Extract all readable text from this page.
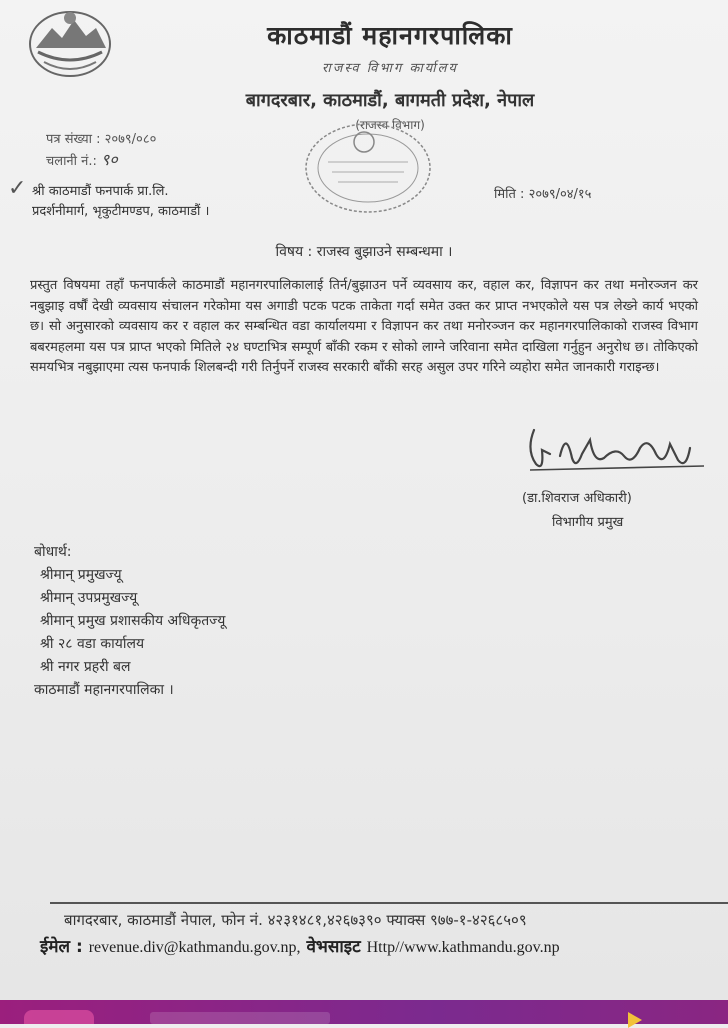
काठमाडौं महानगरपालिका
राजस्व विभाग कार्यालय
बागदरबार, काठमाडौं, बागमती प्रदेश, नेपाल
(राजस्व विभाग)
पत्र संख्या : २०७९/०८०
चलानी नं.: ९०
✓ श्री काठमाडौं फनपार्क प्रा.लि.
प्रदर्शनीमार्ग, भृकुटीमण्डप, काठमाडौं ।
मिति : २०७९/०४/१५
विषय : राजस्व बुझाउने सम्बन्धमा ।
प्रस्तुत विषयमा तहाँ फनपार्कले काठमाडौं महानगरपालिकालाई तिर्न/बुझाउन पर्ने व्यवसाय कर, वहाल कर, विज्ञापन कर तथा मनोरञ्जन कर नबुझाइ वर्षौं देखी व्यवसाय संचालन गरेकोमा यस अगाडी पटक पटक ताकेता गर्दा समेत उक्त कर प्राप्त नभएकोले यस पत्र लेख्ने कार्य भएको छ। सो अनुसारको व्यवसाय कर र वहाल कर सम्बन्धित वडा कार्यालयमा र विज्ञापन कर तथा मनोरञ्जन कर महानगरपालिकाको राजस्व विभाग बबरमहलमा यस पत्र प्राप्त भएको मितिले २४ घण्टाभित्र सम्पूर्ण बाँकी रकम र सोको लाग्ने जरिवाना समेत दाखिला गर्नुहुन अनुरोध छ। तोकिएको समयभित्र नबुझाएमा त्यस फनपार्क शिलबन्दी गरी तिर्नुपर्ने राजस्व सरकारी बाँकी सरह असुल उपर गरिने व्यहोरा समेत जानकारी गराइन्छ।
(डा.शिवराज अधिकारी)
विभागीय प्रमुख
बोधार्थ:
श्रीमान् प्रमुखज्यू
श्रीमान् उपप्रमुखज्यू
श्रीमान् प्रमुख प्रशासकीय अधिकृतज्यू
श्री २८ वडा कार्यालय
श्री नगर प्रहरी बल
काठमाडौं महानगरपालिका ।
बागदरबार, काठमाडौं नेपाल, फोन नं. ४२३१४८१,४२६७३९० फ्याक्स ९७७-१-४२६८५०९
ईमेल : revenue.div@kathmandu.gov.np, वेभसाइट Http//www.kathmandu.gov.np
